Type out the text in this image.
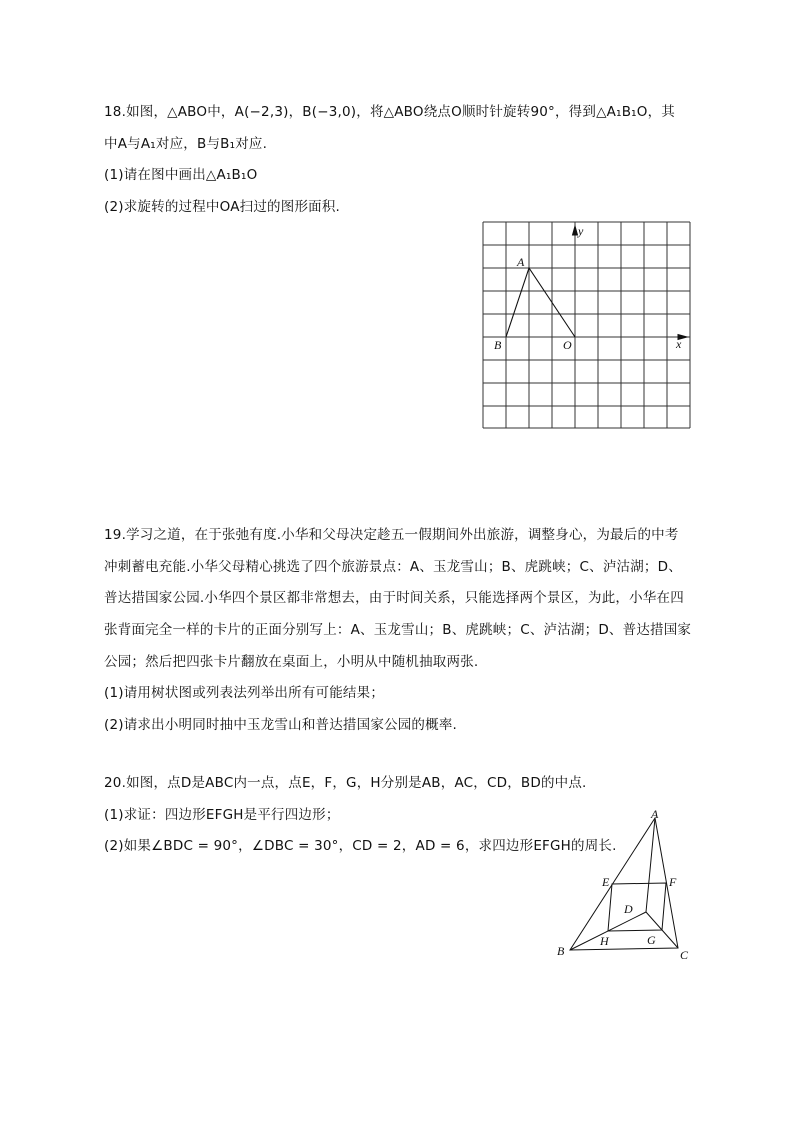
18.如图，△ABO中，A(−2,3)，B(−3,0)，将△ABO绕点O顺时针旋转90°，得到△A₁B₁O，其
中A与A₁对应，B与B₁对应.
(1)请在图中画出△A₁B₁O
(2)求旋转的过程中OA扫过的图形面积.
A
B	O	x
y
19.学习之道，在于张弛有度.小华和父母决定趁五一假期间外出旅游，调整身心，为最后的中考
冲刺蓄电充能.小华父母精心挑选了四个旅游景点：A、玉龙雪山；B、虎跳峡；C、泸沽湖；D、
普达措国家公园.小华四个景区都非常想去，由于时间关系，只能选择两个景区，为此，小华在四
张背面完全一样的卡片的正面分别写上：A、玉龙雪山；B、虎跳峡；C、泸沽湖；D、普达措国家
公园；然后把四张卡片翻放在桌面上，小明从中随机抽取两张.
(1)请用树状图或列表法列举出所有可能结果；
(2)请求出小明同时抽中玉龙雪山和普达措国家公园的概率.
20.如图，点D是ABC内一点，点E，F，G，H分别是AB，AC，CD，BD的中点.
(1)求证：四边形EFGH是平行四边形；
(2)如果∠BDC = 90°，∠DBC = 30°，CD = 2，AD = 6，求四边形EFGH的周长.
A
B	C
D
E	F
G
H
